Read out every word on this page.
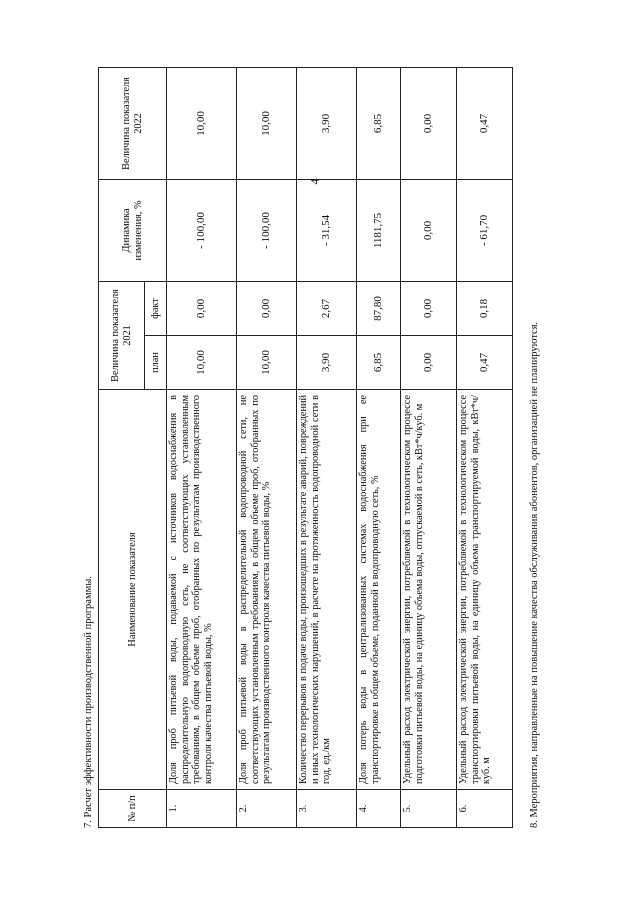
4
7. Расчет эффективности производственной программы.	№ п/п	Наименование показателя	Величина показателя 2021		Динамика изменения, %	Величина показателя 2022
		план	факт		
1.	Доля проб питьевой воды, подаваемой с источников водоснабжения в распределительную водопроводную сеть, не соответствующих установленным требованиям, в общем объеме проб, отобранных по результатам производственного контроля качества питьевой воды, %	10,00	0,00	- 100,00	10,00
2.	Доля проб питьевой воды в распределительной водопроводной сети, не соответствующих установленным требованиям, в общем объеме проб, отобранных по результатам производственного контроля качества питьевой воды, %	10,00	0,00	- 100,00	10,00
3.	Количество перерывов в подаче воды, произошедших в результате аварий, повреждений и иных технологических нарушений, в расчете на протяженность водопроводной сети в год, ед./км	3,90	2,67	- 31,54	3,90
4.	Доля потерь воды в централизованных системах водоснабжения при ее транспортировке в общем объеме, поданной в водопроводную сеть, %	6,85	87,80	1181,75	6,85
5.	Удельный расход электрической энергии, потребляемой в технологическом процессе подготовки питьевой воды, на единицу объема воды, отпускаемой в сеть, кВт*ч/куб. м	0,00	0,00	0,00	0,00
6.	Удельный расход электрической энергии, потребляемой в технологическом процессе транспортировки питьевой воды, на единицу объема транспортируемой воды, кВт*ч/куб. м	0,47	0,18	- 61,70	0,47
8. Мероприятия, направленные на повышение качества обслуживания абонентов, организацией не планируются.
